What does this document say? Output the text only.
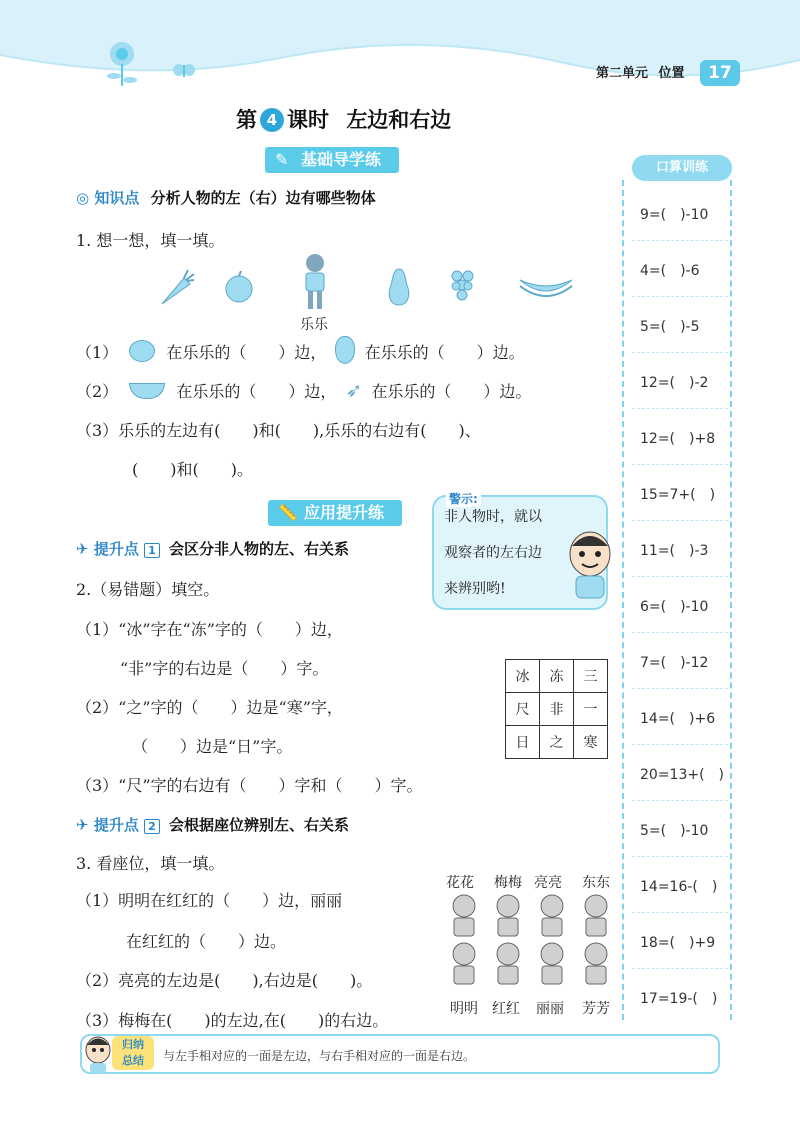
第二单元 位置	17
第 4 课时 左边和右边
✎ 基础导学练
◎ 知识点 分析人物的左（右）边有哪些物体
1. 想一想，填一填。
乐乐
（1）	在乐乐的（　　）边， 在乐乐的（　　）边。
（2）	在乐乐的（　　）边， ➶ 在乐乐的（　　）边。
（3）乐乐的左边有(　　)和(　　),乐乐的右边有(　　)、
(　　)和(　　)。
📏 应用提升练
✈ 提升点 1 会区分非人物的左、右关系
2.（易错题）填空。
（1）“冰”字在“冻”字的（　　）边，
“非”字的右边是（　　）字。
（2）“之”字的（　　）边是“寒”字，
（　　）边是“日”字。
（3）“尺”字的右边有（　　）字和（　　）字。
冰	冻	三
尺	非	一
日	之	寒
警示:
非人物时，就以
观察者的左右边
来辨别哟!
✈ 提升点 2 会根据座位辨别左、右关系
3. 看座位，填一填。
（1）明明在红红的（　　）边，丽丽
在红红的（　　）边。
（2）亮亮的左边是(　　),右边是(　　)。
（3）梅梅在(　　)的左边,在(　　)的右边。
花花 梅梅 亮亮 东东
明明 红红 丽丽 芳芳
口算训练
9=(　)-10
4=(　)-6
5=(　)-5
12=(　)-2
12=(　)+8
15=7+(　)
11=(　)-3
6=(　)-10
7=(　)-12
14=(　)+6
20=13+(　)
5=(　)-10
14=16-(　)
18=(　)+9
17=19-(　)
归纳
总结	与左手相对应的一面是左边，与右手相对应的一面是右边。
